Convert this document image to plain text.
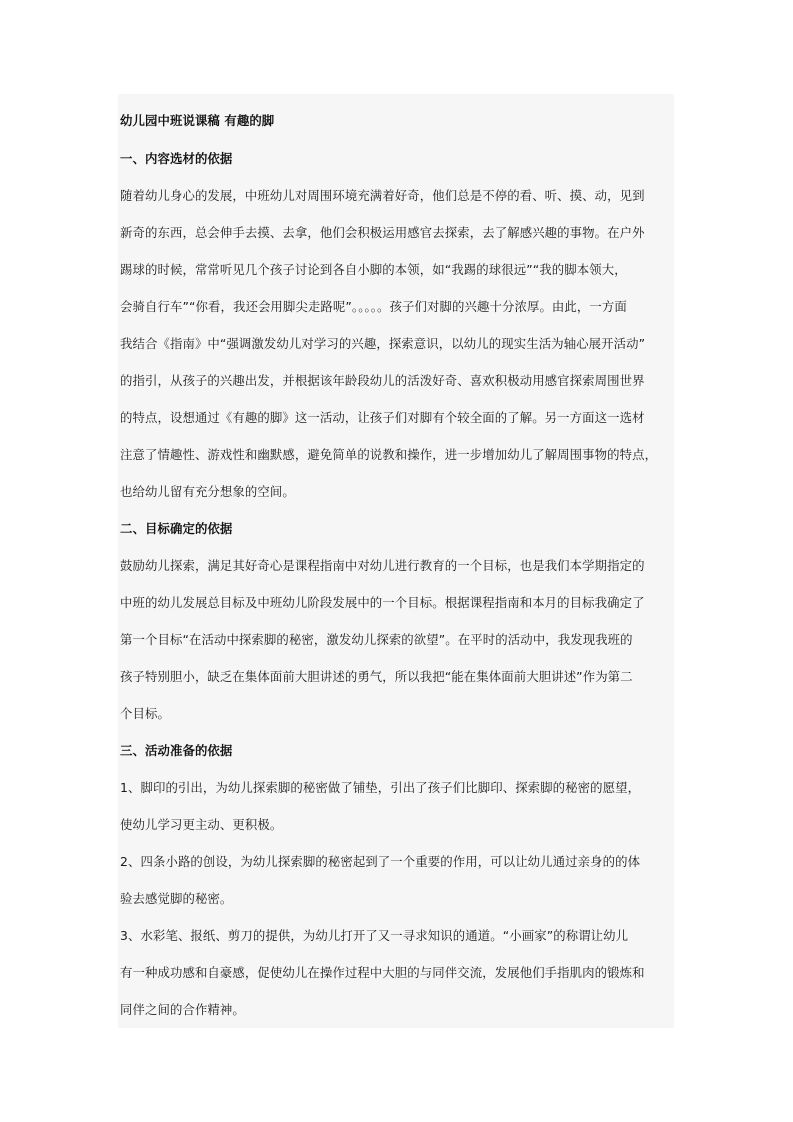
幼儿园中班说课稿 有趣的脚
一、内容选材的依据
随着幼儿身心的发展，中班幼儿对周围环境充满着好奇，他们总是不停的看、听、摸、动，见到
新奇的东西，总会伸手去摸、去拿，他们会积极运用感官去探索，去了解感兴趣的事物。在户外
踢球的时候，常常听见几个孩子讨论到各自小脚的本领，如“我踢的球很远”“我的脚本领大，
会骑自行车”“你看，我还会用脚尖走路呢”。。。。。孩子们对脚的兴趣十分浓厚。由此，一方面
我结合《指南》中“强调激发幼儿对学习的兴趣，探索意识，以幼儿的现实生活为轴心展开活动”
的指引，从孩子的兴趣出发，并根据该年龄段幼儿的活泼好奇、喜欢积极动用感官探索周围世界
的特点，设想通过《有趣的脚》这一活动，让孩子们对脚有个较全面的了解。另一方面这一选材
注意了情趣性、游戏性和幽默感，避免简单的说教和操作，进一步增加幼儿了解周围事物的特点，
也给幼儿留有充分想象的空间。
二、目标确定的依据
鼓励幼儿探索，满足其好奇心是课程指南中对幼儿进行教育的一个目标，也是我们本学期指定的
中班的幼儿发展总目标及中班幼儿阶段发展中的一个目标。根据课程指南和本月的目标我确定了
第一个目标“在活动中探索脚的秘密，激发幼儿探索的欲望”。在平时的活动中，我发现我班的
孩子特别胆小，缺乏在集体面前大胆讲述的勇气，所以我把“能在集体面前大胆讲述”作为第二
个目标。
三、活动准备的依据
1、脚印的引出，为幼儿探索脚的秘密做了铺垫，引出了孩子们比脚印、探索脚的秘密的愿望，
使幼儿学习更主动、更积极。
2、四条小路的创设，为幼儿探索脚的秘密起到了一个重要的作用，可以让幼儿通过亲身的的体
验去感觉脚的秘密。
3、水彩笔、报纸、剪刀的提供，为幼儿打开了又一寻求知识的通道。“小画家”的称谓让幼儿
有一种成功感和自豪感，促使幼儿在操作过程中大胆的与同伴交流，发展他们手指肌肉的锻炼和
同伴之间的合作精神。
